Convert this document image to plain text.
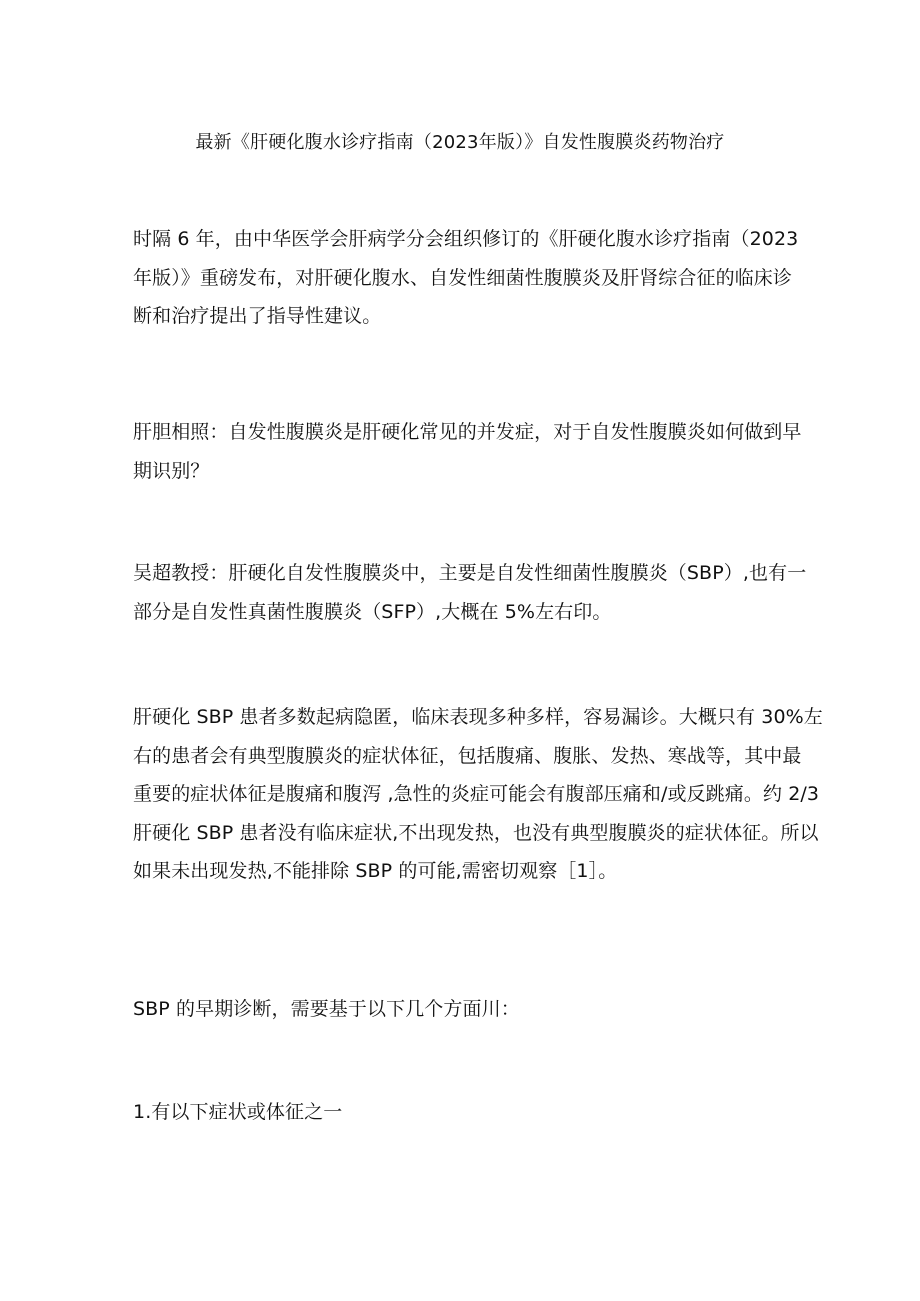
最新《肝硬化腹水诊疗指南（2023年版）》自发性腹膜炎药物治疗
时隔 6 年，由中华医学会肝病学分会组织修订的《肝硬化腹水诊疗指南（2023
年版）》重磅发布，对肝硬化腹水、自发性细菌性腹膜炎及肝肾综合征的临床诊
断和治疗提出了指导性建议。
肝胆相照：自发性腹膜炎是肝硬化常见的并发症，对于自发性腹膜炎如何做到早
期识别？
吴超教授：肝硬化自发性腹膜炎中，主要是自发性细菌性腹膜炎（SBP）,也有一
部分是自发性真菌性腹膜炎（SFP）,大概在 5%左右印。
肝硬化 SBP 患者多数起病隐匿，临床表现多种多样，容易漏诊。大概只有 30%左
右的患者会有典型腹膜炎的症状体征，包括腹痛、腹胀、发热、寒战等，其中最
重要的症状体征是腹痛和腹泻 ,急性的炎症可能会有腹部压痛和/或反跳痛。约 2/3
肝硬化 SBP 患者没有临床症状,不出现发热，也没有典型腹膜炎的症状体征。所以
如果未出现发热,不能排除 SBP 的可能,需密切观察［1］。
SBP 的早期诊断，需要基于以下几个方面川：
1.有以下症状或体征之一
